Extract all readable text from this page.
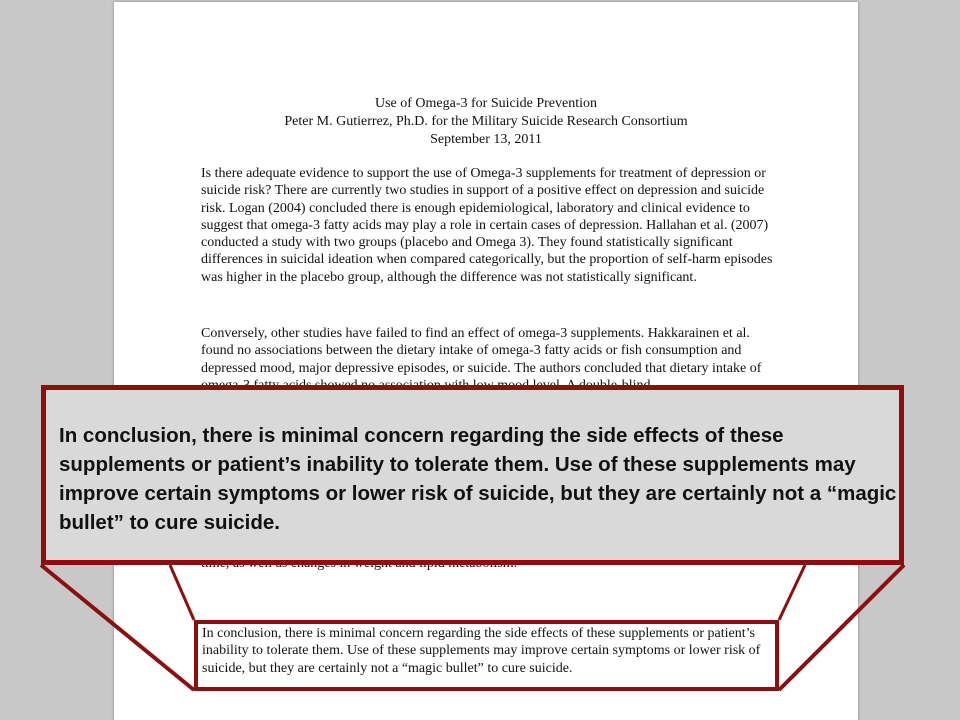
Use of Omega-3 for Suicide Prevention
Peter M. Gutierrez, Ph.D. for the Military Suicide Research Consortium
September 13, 2011

Is there adequate evidence to support the use of Omega-3 supplements for treatment of depression or suicide risk? There are currently two studies in support of a positive effect on depression and suicide risk. Logan (2004) concluded there is enough epidemiological, laboratory and clinical evidence to suggest that omega-3 fatty acids may play a role in certain cases of depression. Hallahan et al. (2007) conducted a study with two groups (placebo and Omega 3). They found statistically significant differences in suicidal ideation when compared categorically, but the proportion of self-harm episodes was higher in the placebo group, although the difference was not statistically significant.

Conversely, other studies have failed to find an effect of omega-3 supplements. Hakkarainen et al. found no associations between the dietary intake of omega-3 fatty acids or fish consumption and depressed mood, major depressive episodes, or suicide. The authors concluded that dietary intake of

In conclusion, there is minimal concern regarding the side effects of these supplements or patient’s inability to tolerate them. Use of these supplements may improve certain symptoms or lower risk of suicide, but they are certainly not a “magic bullet” to cure suicide.

In conclusion, there is minimal concern regarding the side effects of these supplements or patient’s inability to tolerate them. Use of these supplements may improve certain symptoms or lower risk of suicide, but they are certainly not a “magic bullet” to cure suicide.
